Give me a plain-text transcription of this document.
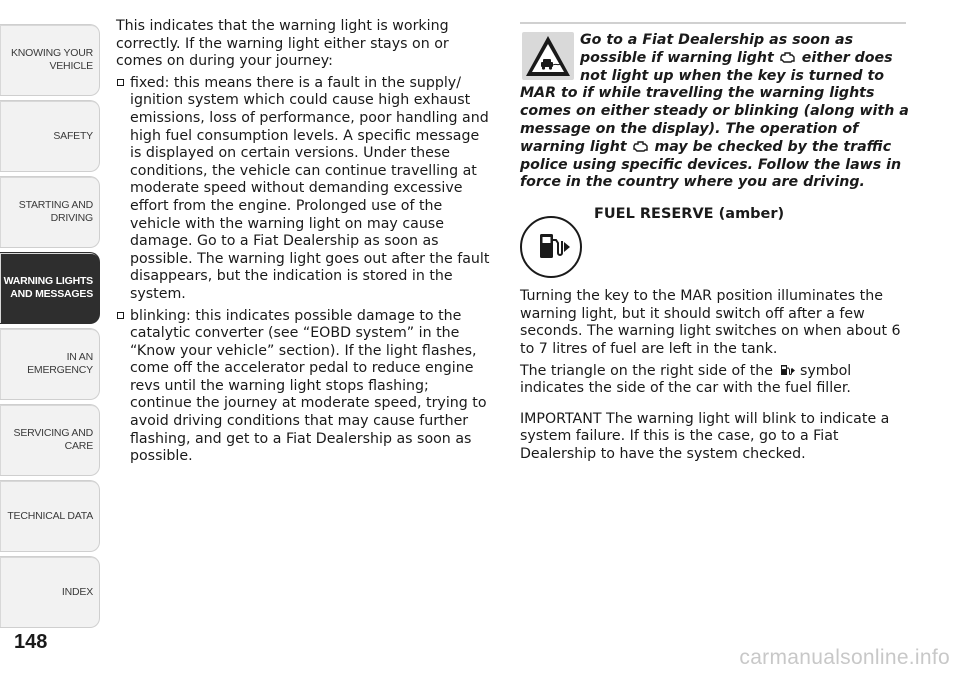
KNOWING YOUR VEHICLE
SAFETY
STARTING AND DRIVING
WARNING LIGHTS AND MESSAGES
IN AN EMERGENCY
SERVICING AND CARE
TECHNICAL DATA
INDEX
148

This indicates that the warning light is working correctly. If the warning light either stays on or comes on during your journey:

fixed: this means there is a fault in the supply/ ignition system which could cause high exhaust emissions, loss of performance, poor handling and high fuel consumption levels. A specific message is displayed on certain versions. Under these conditions, the vehicle can continue travelling at moderate speed without demanding excessive effort from the engine. Prolonged use of the vehicle with the warning light on may cause damage. Go to a Fiat Dealership as soon as possible. The warning light goes out after the fault disappears, but the indication is stored in the system.
blinking: this indicates possible damage to the catalytic converter (see “EOBD system” in the “Know your vehicle” section). If the light flashes, come off the accelerator pedal to reduce engine revs until the warning light stops flashing; continue the journey at moderate speed, trying to avoid driving conditions that may cause further flashing, and get to a Fiat Dealership as soon as possible.
Go to a Fiat Dealership as soon as possible if warning light either does not light up when the key is turned to MAR to if while travelling the warning lights comes on either steady or blinking (along with a message on the display). The operation of warning light may be checked by the traffic police using specific devices. Follow the laws in force in the country where you are driving.
FUEL RESERVE (amber)

Turning the key to the MAR position illuminates the warning light, but it should switch off after a few seconds. The warning light switches on when about 6 to 7 litres of fuel are left in the tank.

The triangle on the right side of the symbol indicates the side of the car with the fuel filler.

IMPORTANT The warning light will blink to indicate a system failure. If this is the case, go to a Fiat Dealership to have the system checked.

carmanualsonline.info
